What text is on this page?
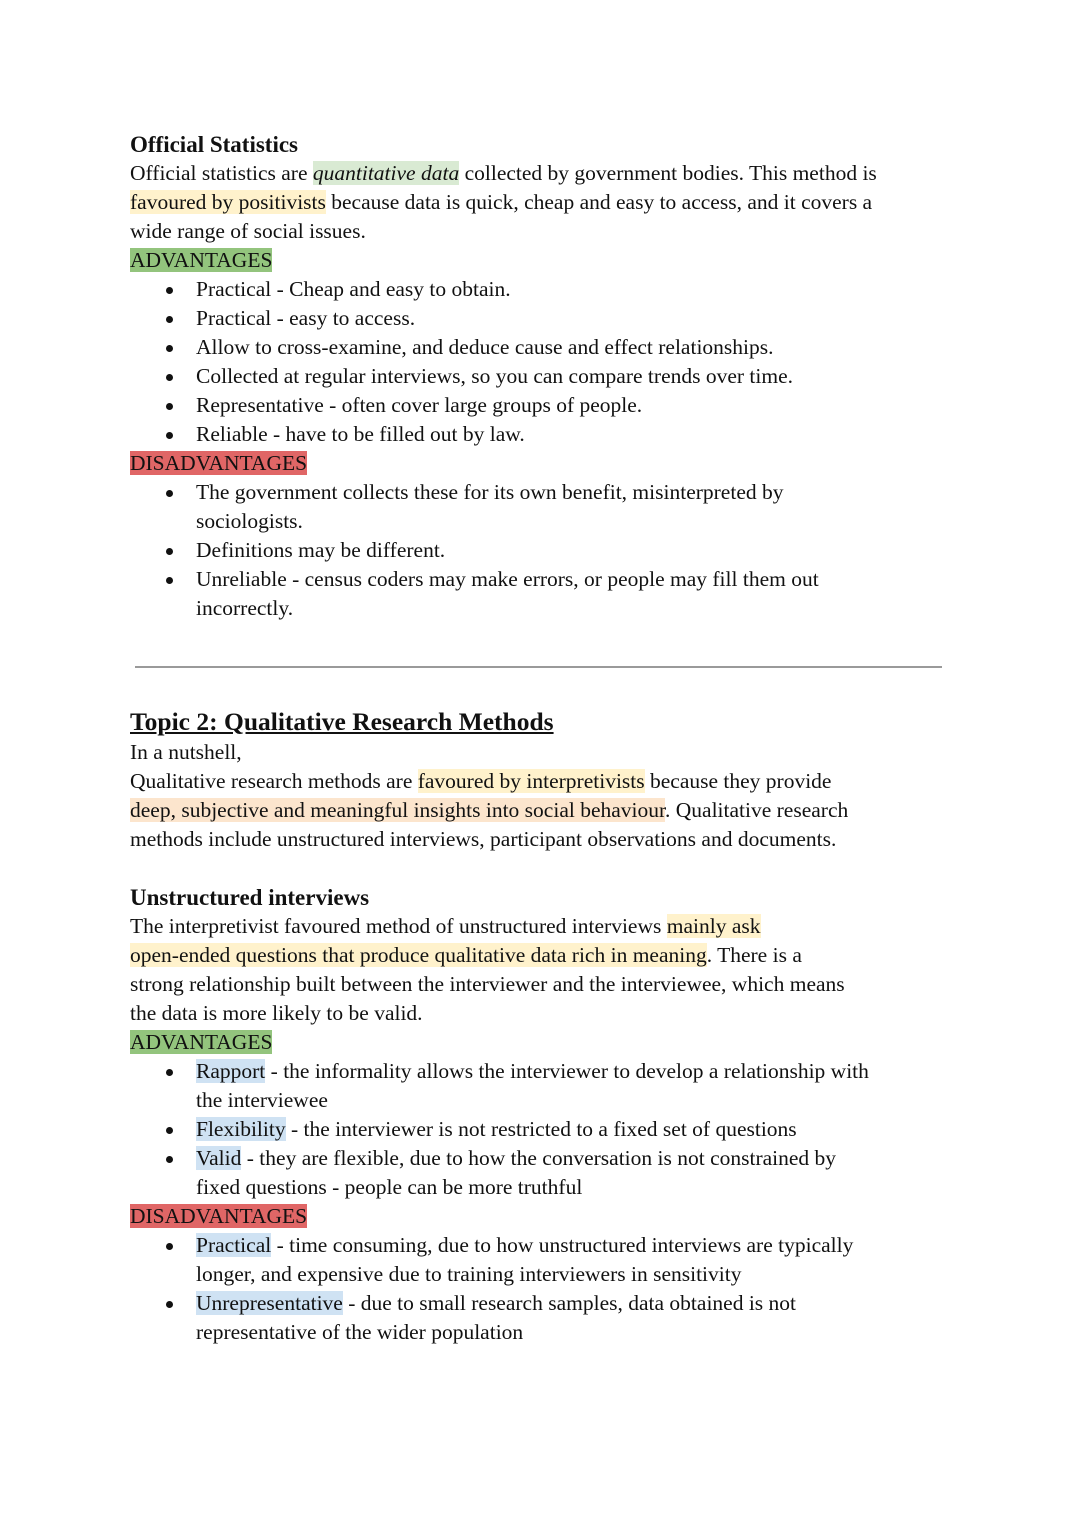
Official Statistics
Official statistics are quantitative data collected by government bodies. This method is
favoured by positivists because data is quick, cheap and easy to access, and it covers a
wide range of social issues.
ADVANTAGES
Practical - Cheap and easy to obtain.
Practical - easy to access.
Allow to cross-examine, and deduce cause and effect relationships.
Collected at regular interviews, so you can compare trends over time.
Representative - often cover large groups of people.
Reliable - have to be filled out by law.
DISADVANTAGES
The government collects these for its own benefit, misinterpreted by
sociologists.
Definitions may be different.
Unreliable - census coders may make errors, or people may fill them out
incorrectly.
Topic 2: Qualitative Research Methods
In a nutshell,
Qualitative research methods are favoured by interpretivists because they provide
deep, subjective and meaningful insights into social behaviour. Qualitative research
methods include unstructured interviews, participant observations and documents.
Unstructured interviews
The interpretivist favoured method of unstructured interviews mainly ask
open-ended questions that produce qualitative data rich in meaning. There is a
strong relationship built between the interviewer and the interviewee, which means
the data is more likely to be valid.
ADVANTAGES
Rapport - the informality allows the interviewer to develop a relationship with
the interviewee
Flexibility - the interviewer is not restricted to a fixed set of questions
Valid - they are flexible, due to how the conversation is not constrained by
fixed questions - people can be more truthful
DISADVANTAGES
Practical - time consuming, due to how unstructured interviews are typically
longer, and expensive due to training interviewers in sensitivity
Unrepresentative - due to small research samples, data obtained is not
representative of the wider population
